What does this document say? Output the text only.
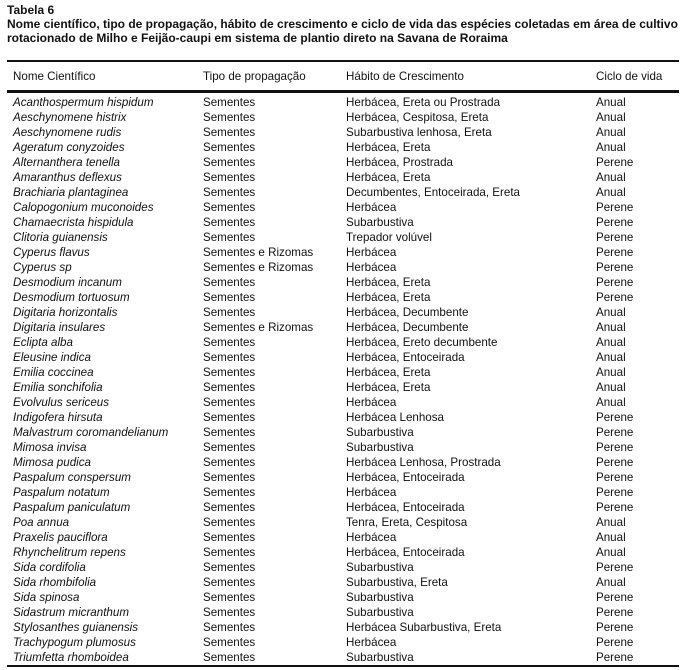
Tabela 6
Nome científico, tipo de propagação, hábito de crescimento e ciclo de vida das espécies coletadas em área de cultivo rotacionado de Milho e Feijão-caupi em sistema de plantio direto na Savana de Roraima
Nome Científico	Tipo de propagação	Hábito de Crescimento	Ciclo de vida

Acanthospermum hispidum	Sementes	Herbácea, Ereta ou Prostrada	Anual
Aeschynomene histrix	Sementes	Herbácea, Cespitosa, Ereta	Anual
Aeschynomene rudis	Sementes	Subarbustiva lenhosa, Ereta	Anual
Ageratum conyzoides	Sementes	Herbácea, Ereta	Anual
Alternanthera tenella	Sementes	Herbácea, Prostrada	Perene
Amaranthus deflexus	Sementes	Herbácea, Ereta	Anual
Brachiaria plantaginea	Sementes	Decumbentes, Entoceirada, Ereta	Anual
Calopogonium muconoides	Sementes	Herbácea	Perene
Chamaecrista hispidula	Sementes	Subarbustiva	Perene
Clitoria guianensis	Sementes	Trepador volúvel	Perene
Cyperus flavus	Sementes e Rizomas	Herbácea	Perene
Cyperus sp	Sementes e Rizomas	Herbácea	Perene
Desmodium incanum	Sementes	Herbácea, Ereta	Perene
Desmodium tortuosum	Sementes	Herbácea, Ereta	Perene
Digitaria horizontalis	Sementes	Herbácea, Decumbente	Anual
Digitaria insulares	Sementes e Rizomas	Herbácea, Decumbente	Anual
Eclipta alba	Sementes	Herbácea, Ereto decumbente	Anual
Eleusine indica	Sementes	Herbácea, Entoceirada	Anual
Emilia coccinea	Sementes	Herbácea, Ereta	Anual
Emilia sonchifolia	Sementes	Herbácea, Ereta	Anual
Evolvulus sericeus	Sementes	Herbácea	Anual
Indigofera hirsuta	Sementes	Herbácea Lenhosa	Perene
Malvastrum coromandelianum	Sementes	Subarbustiva	Perene
Mimosa invisa	Sementes	Subarbustiva	Perene
Mimosa pudica	Sementes	Herbácea Lenhosa, Prostrada	Perene
Paspalum conspersum	Sementes	Herbácea, Entoceirada	Perene
Paspalum notatum	Sementes	Herbácea	Perene
Paspalum paniculatum	Sementes	Herbácea, Entoceirada	Perene
Poa annua	Sementes	Tenra, Ereta, Cespitosa	Anual
Praxelis pauciflora	Sementes	Herbácea	Anual
Rhynchelitrum repens	Sementes	Herbácea, Entoceirada	Anual
Sida cordifolia	Sementes	Subarbustiva	Perene
Sida rhombifolia	Sementes	Subarbustiva, Ereta	Anual
Sida spinosa	Sementes	Subarbustiva	Perene
Sidastrum micranthum	Sementes	Subarbustiva	Perene
Stylosanthes guianensis	Sementes	Herbácea Subarbustiva, Ereta	Perene
Trachypogum plumosus	Sementes	Herbácea	Perene
Triumfetta rhomboidea	Sementes	Subarbustiva	Perene
